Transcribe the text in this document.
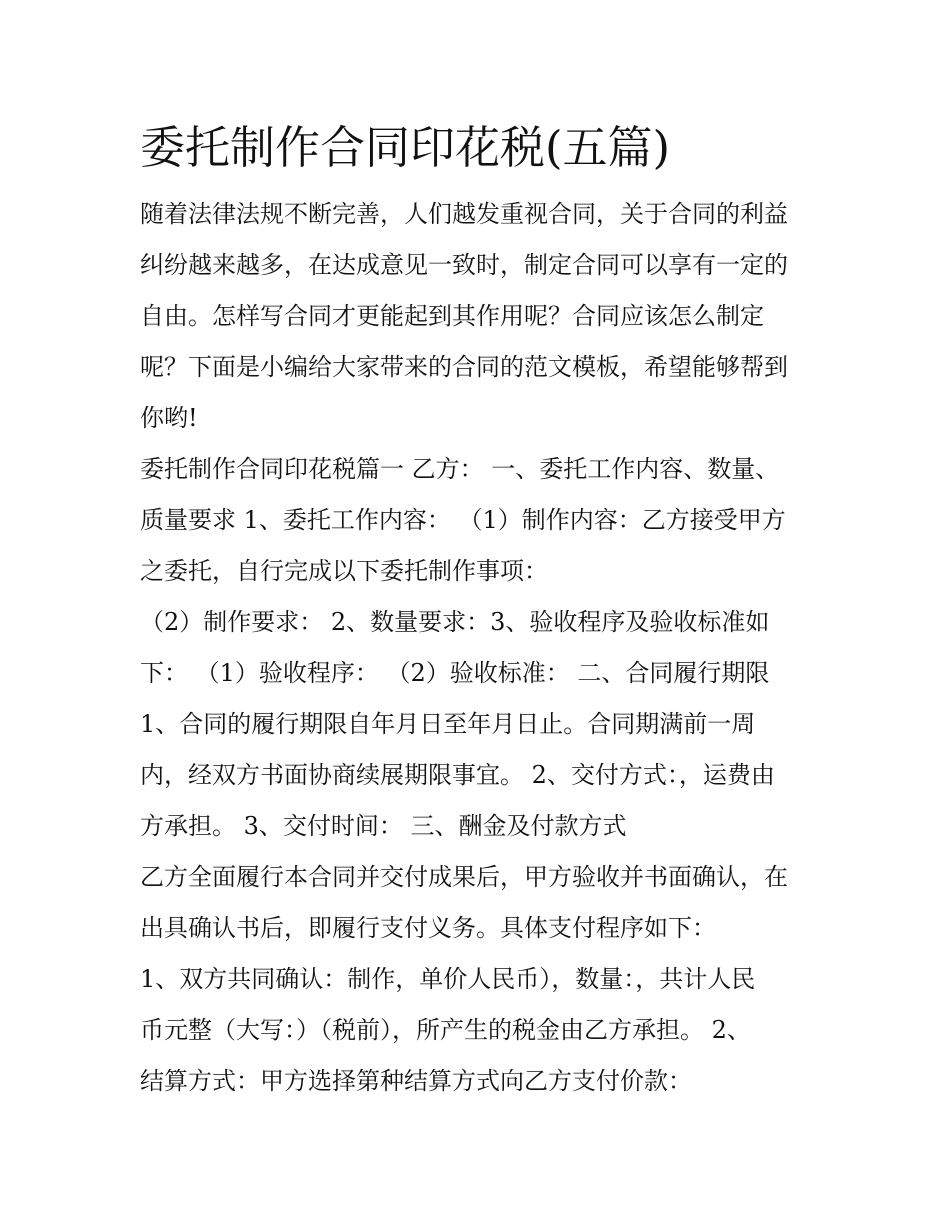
委托制作合同印花税(五篇)

随着法律法规不断完善，人们越发重视合同，关于合同的利益
纠纷越来越多，在达成意见一致时，制定合同可以享有一定的
自由。怎样写合同才更能起到其作用呢？合同应该怎么制定
呢？下面是小编给大家带来的合同的范文模板，希望能够帮到
你哟!

委托制作合同印花税篇一 乙方： 一、委托工作内容、数量、
质量要求 1、委托工作内容： （1）制作内容：乙方接受甲方
之委托，自行完成以下委托制作事项：

（2）制作要求： 2、数量要求：3、验收程序及验收标准如
下： （1）验收程序： （2）验收标准： 二、合同履行期限

1、合同的履行期限自年月日至年月日止。合同期满前一周
内，经双方书面协商续展期限事宜。 2、交付方式：，运费由
方承担。 3、交付时间： 三、酬金及付款方式

乙方全面履行本合同并交付成果后，甲方验收并书面确认，在
出具确认书后，即履行支付义务。具体支付程序如下：

1、双方共同确认：制作，单价人民币），数量：，共计人民
币元整（大写：）（税前），所产生的税金由乙方承担。 2、
结算方式：甲方选择第种结算方式向乙方支付价款：
